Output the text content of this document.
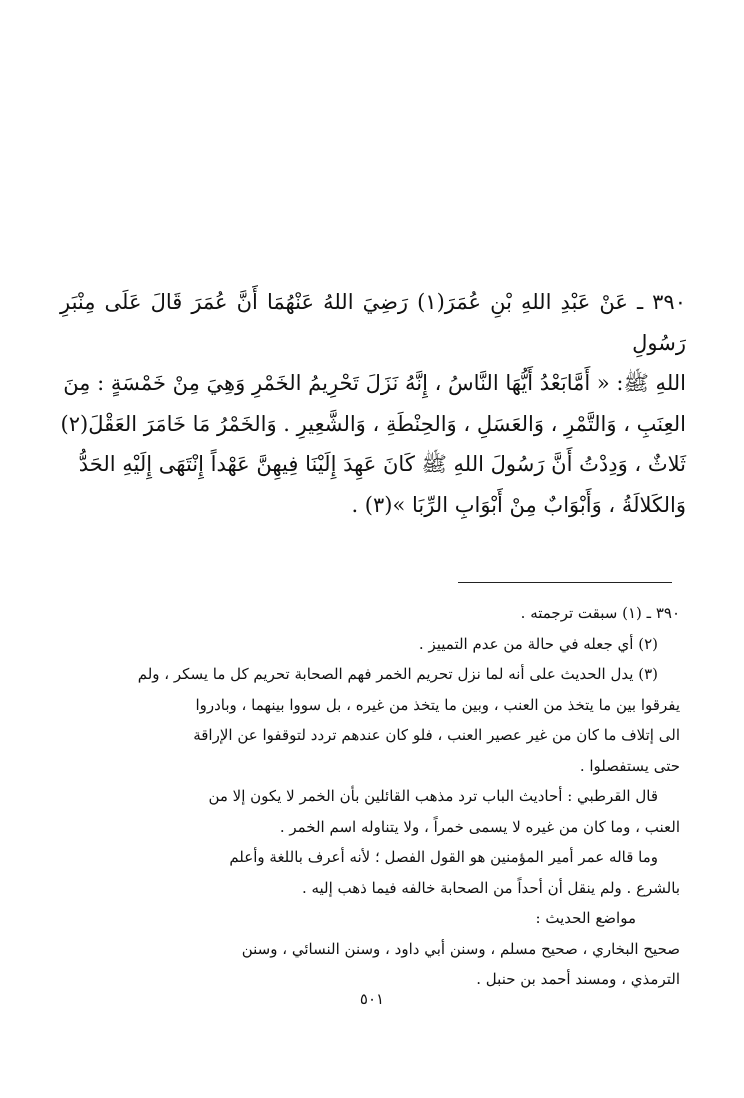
٣٩٠ ـ عَنْ عَبْدِ اللهِ بْنِ عُمَرَ(١) رَضِيَ اللهُ عَنْهُمَا أَنَّ عُمَرَ قَالَ عَلَى مِنْبَرِ رَسُولِ
اللهِ ﷺ: « أَمَّابَعْدُ أَيُّهَا النَّاسُ ، إِنَّهُ نَزَلَ تَحْرِيمُ الخَمْرِ وَهِيَ مِنْ خَمْسَةٍ : مِنَ
العِنَبِ ، وَالتَّمْرِ ، وَالعَسَلِ ، وَالحِنْطَةِ ، وَالشَّعِيرِ . وَالخَمْرُ مَا خَامَرَ العَقْلَ(٢)
ثَلاثٌ ، وَدِدْتُ أَنَّ رَسُولَ اللهِ ﷺ كَانَ عَهِدَ إِلَيْنَا فِيهِنَّ عَهْداً إِنْتَهَى إِلَيْهِ الحَدُّ
وَالكَلالَةُ ، وَأَبْوَابٌ مِنْ أَبْوَابِ الرِّبَا »(٣) .

٣٩٠ ـ (١) سبقت ترجمته .
(٢) أي جعله في حالة من عدم التمييز .
(٣) يدل الحديث على أنه لما نزل تحريم الخمر فهم الصحابة تحريم كل ما يسكر ، ولم
يفرقوا بين ما يتخذ من العنب ، وبين ما يتخذ من غيره ، بل سووا بينهما ، وبادروا
الى إتلاف ما كان من غير عصير العنب ، فلو كان عندهم تردد لتوقفوا عن الإراقة
حتى يستفصلوا .
قال القرطبي : أحاديث الباب ترد مذهب القائلين بأن الخمر لا يكون إلا من
العنب ، وما كان من غيره لا يسمى خمراً ، ولا يتناوله اسم الخمر .
وما قاله عمر أمير المؤمنين هو القول الفصل ؛ لأنه أعرف باللغة وأعلم
بالشرع . ولم ينقل أن أحداً من الصحابة خالفه فيما ذهب إليه .
مواضع الحديث :
صحيح البخاري ، صحيح مسلم ، وسنن أبي داود ، وسنن النسائي ، وسنن
الترمذي ، ومسند أحمد بن حنبل .
٥٠١
